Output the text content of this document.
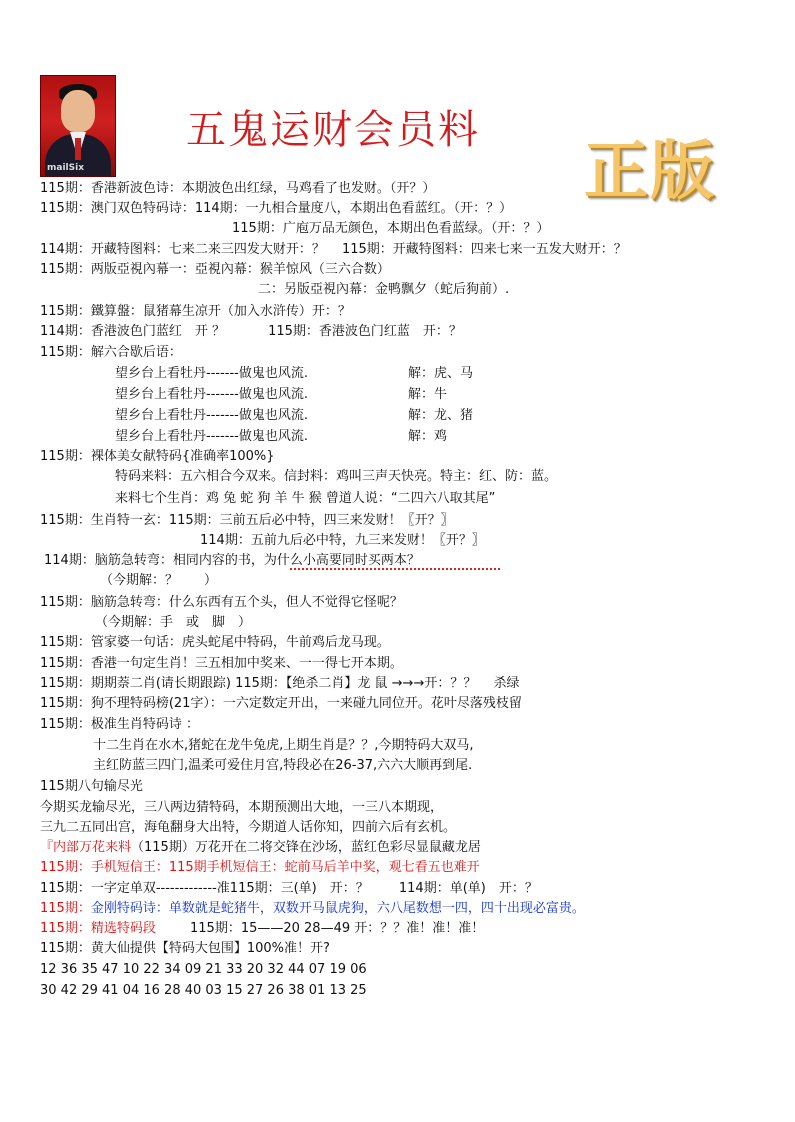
mailSix
五鬼运财会员料
正版
115期：香港新波色诗：本期波色出红绿，马鸡看了也发财。（开？）
115期：澳门双色特码诗：114期：一九相合量度八，本期出色看蓝红。（开：？）
115期：广庖万品无颜色，本期出色看蓝绿。（开：？）
114期：开藏特图料：七来二来三四发大财开：？　 115期：开藏特图料：四来七来一五发大财开：？
115期：两版亞視內幕一：亞視內幕：猴羊惊风（三六合数）
二：另版亞視內幕：金鸭飘夕（蛇后狗前）.
115期：鐵算盤：鼠猪幕生凉开（加入水浒传）开：？
114期：香港波色门蓝红　开 ？　　　 115期：香港波色门红蓝　开：？
115期：解六合歇后语：
望乡台上看牡丹-------做鬼也风流.	解：虎、马
望乡台上看牡丹-------做鬼也风流.	解：牛
望乡台上看牡丹-------做鬼也风流.	解：龙、猪
望乡台上看牡丹-------做鬼也风流.	解：鸡
115期：裸体美女献特码{准确率100%}
特码来料：五六相合今双来。信封料：鸡叫三声天快亮。特主：红、防：蓝。
来料七个生肖：鸡 兔 蛇 狗 羊 牛 猴 曾道人说：“二四六八取其尾”
115期：生肖特一玄：115期：三前五后必中特，四三来发财！〖开？〗
114期：五前九后必中特，九三来发财！〖开？〗
114期：脑筋急转弯：相同内容的书，为什么小高要同时买两本？
（今期解：？　　）
115期：脑筋急转弯：什么东西有五个头，但人不觉得它怪呢？
（今期解：手　或　脚　）
115期：管家婆一句话：虎头蛇尾中特码，牛前鸡后龙马现。
115期：香港一句定生肖！三五相加中奖来、一一得七开本期。
115期：期期萘二肖(请长期跟踪) 115期：【绝杀二肖】龙 鼠 →→→开：？？　 杀绿
115期：狗不理特码榜(21字）：一六定数定开出，一来碰九同位开。花叶尽落残枝留
115期：极准生肖特码诗 ：
十二生肖在水木,猪蛇在龙牛兔虎,上期生肖是？？,今期特码大双马,
主红防蓝三四门,温柔可爱住月宫,特段必在26-37,六六大顺再到尾.
115期八句输尽光
今期买龙输尽光，三八两边猜特码，本期预测出大地，一三八本期现，
三九二五同出宫，海龟翻身大出特，今期道人话你知，四前六后有玄机。
『内部万花来料（115期）万花开在二将交锋在沙场，蓝红色彩尽显鼠藏龙居
115期：手机短信王：115期手机短信王：蛇前马后羊中奖，观七看五也难开
115期：一字定单双-------------准115期：三(单)　开：？　　 114期：单(单)　开：？
115期：金刚特码诗：单数就是蛇猪牛，双数开马鼠虎狗，六八尾数想一四，四十出现必富贵。
115期：精选特码段	115期：15——20 28—49 开：？？准！准！准！
115期：黄大仙提供【特码大包围】100%准！开?
12 36 35 47 10 22 34 09 21 33 20 32 44 07 19 06
30 42 29 41 04 16 28 40 03 15 27 26 38 01 13 25
